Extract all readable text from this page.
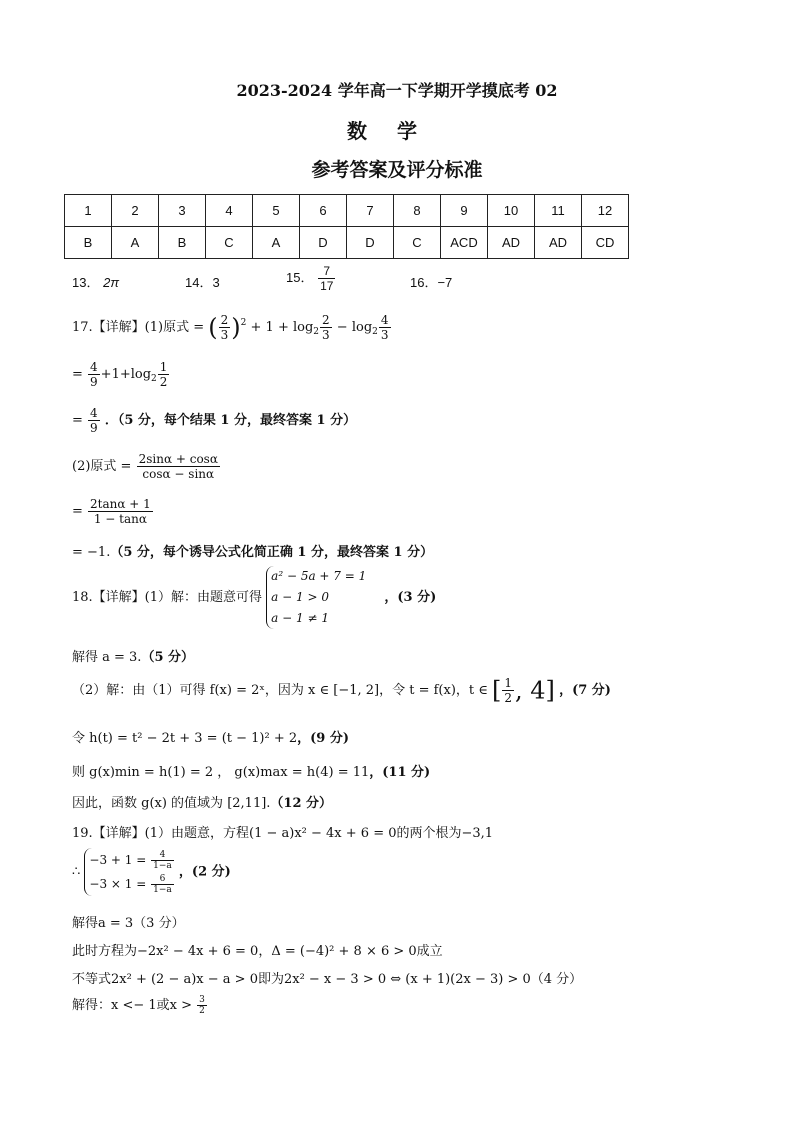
2023-2024 学年高一下学期开学摸底考 02
数学
参考答案及评分标准
1	2	3	4	5	6	7	8	9	10	11	12
B	A	B	C	A	D	D	C	ACD	AD	AD	CD
13． 2π	14．3	15． $\frac{7}{17}$	16．−7
17.【详解】(1)原式 = ( $\frac{2}{3} )^2 + 1 + \log_2 \frac{2}{3} - \log_2 \frac{4}{3}$
= $\frac{4}{9} +1+\log_2 \frac{1}{2}$
= $\frac{4}{9}$ ．（5 分，每个结果 1 分，最终答案 1 分）
(2)原式 = $\frac{2\sin\alpha + \cos\alpha}{\cos\alpha - \sin\alpha}$
= $\frac{2\tan\alpha + 1}{1 - \tan\alpha}$
= −1.（5 分，每个诱导公式化简正确 1 分，最终答案 1 分）
18.【详解】(1）解：由题意可得
a² − 5a + 7 = 1
a − 1 > 0
a − 1 ≠ 1
，(3 分)
解得 a = 3.（5 分）
（2）解：由（1）可得 f(x) = 2ˣ，因为 x ∈ [−1, 2]，令 t = f(x)，t ∈ [ $\frac{1}{2}$ , 4] ，(7 分)
令 h(t) = t² − 2t + 3 = (t − 1)² + 2，(9 分)
则 g(x)min = h(1) = 2 ， g(x)max = h(4) = 11，(11 分)
因此，函数 g(x) 的值域为 [2,11].（12 分）
19.【详解】(1）由题意，方程(1 − a)x² − 4x + 6 = 0的两个根为−3,1
∴
$-3 + 1 = \frac{4}{1-a}$
$-3 \times 1 = \frac{6}{1-a}$
，(2 分)
解得a = 3（3 分）
此时方程为−2x² − 4x + 6 = 0，Δ = (−4)² + 8 × 6 > 0成立
不等式2x² + (2 − a)x − a > 0即为2x² − x − 3 > 0 ⇔ (x + 1)(2x − 3) > 0（4 分）
解得：x <− 1或$x > \frac{3}{2}$
